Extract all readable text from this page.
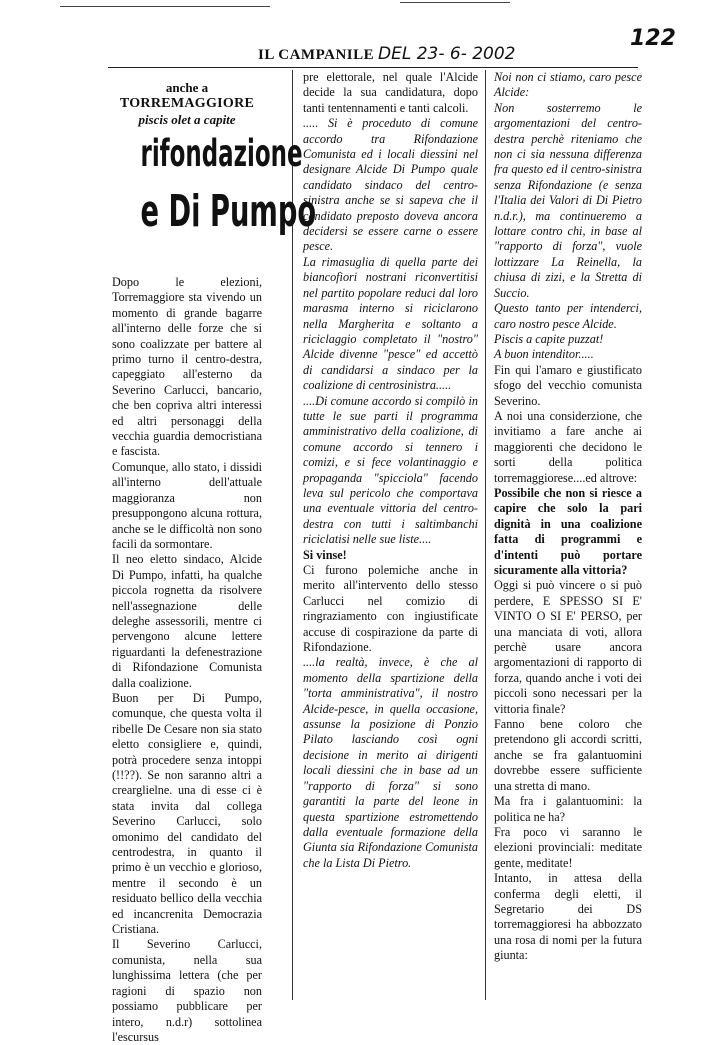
IL CAMPANILE DEL 23- 6- 2002
122
anche a
TORREMAGGIORE
piscis olet a capite
rifondazione
e Di Pumpo

Dopo le elezioni, Torremaggiore sta vivendo un momento di grande bagarre all'interno delle forze che si sono coalizzate per battere al primo turno il centro-destra, capeggiato all'esterno da Severino Carlucci, bancario, che ben copriva altri interessi ed altri personaggi della vecchia guardia democristiana e fascista.

Comunque, allo stato, i dissidi all'interno dell'attuale maggioranza non presuppongono alcuna rottura, anche se le difficoltà non sono facili da sormontare.

Il neo eletto sindaco, Alcide Di Pumpo, infatti, ha qualche piccola rognetta da risolvere nell'assegnazione delle deleghe assessorili, mentre ci pervengono alcune lettere riguardanti la defenestrazione di Rifondazione Comunista dalla coalizione.

Buon per Di Pumpo, comunque, che questa volta il ribelle De Cesare non sia stato eletto consigliere e, quindi, potrà procedere senza intoppi (!!??). Se non saranno altri a crearglielne. una di esse ci è stata invita dal collega Severino Carlucci, solo omonimo del candidato del centrodestra, in quanto il primo è un vecchio e glorioso, mentre il secondo è un residuato bellico della vecchia ed incancrenita Democrazia Cristiana.

Il Severino Carlucci, comunista, nella sua lunghissima lettera (che per ragioni di spazio non possiamo pubblicare per intero, n.d.r) sottolinea l'escursus

pre elettorale, nel quale l'Alcide decide la sua candidatura, dopo tanti tentennamenti e tanti calcoli.

..... Si è proceduto di comune accordo tra Rifondazione Comunista ed i locali diessini nel designare Alcide Di Pumpo quale candidato sindaco del centro-sinistra anche se si sapeva che il candidato preposto doveva ancora decidersi se essere carne o essere pesce.

La rimasuglia di quella parte dei biancofiori nostrani riconvertitisi nel partito popolare reduci dal loro marasma interno si riciclarono nella Margherita e soltanto a riciclaggio completato il "nostro" Alcide divenne "pesce" ed accettò di candidarsi a sindaco per la coalizione di centrosinistra.....

....Di comune accordo si compilò in tutte le sue parti il programma amministrativo della coalizione, di comune accordo si tennero i comizi, e si fece volantinaggio e propaganda "spicciola" facendo leva sul pericolo che comportava una eventuale vittoria del centro-destra con tutti i saltimbanchi riciclatisi nelle sue liste....

Si vinse!

Ci furono polemiche anche in merito all'intervento dello stesso Carlucci nel comizio di ringraziamento con ingiustificate accuse di cospirazione da parte di Rifondazione.

....la realtà, invece, è che al momento della spartizione della "torta amministrativa", il nostro Alcide-pesce, in quella occasione, assunse la posizione di Ponzio Pilato lasciando così ogni decisione in merito ai dirigenti locali diessini che in base ad un "rapporto di forza" si sono garantiti la parte del leone in questa spartizione estromettendo dalla eventuale formazione della Giunta sia Rifondazione Comunista che la Lista Di Pietro.

Noi non ci stiamo, caro pesce Alcide:

Non sosterremo le argomentazioni del centro-destra perchè riteniamo che non ci sia nessuna differenza fra questo ed il centro-sinistra senza Rifondazione (e senza l'Italia dei Valori di Di Pietro n.d.r.), ma continueremo a lottare contro chi, in base al "rapporto di forza", vuole lottizzare La Reinella, la chiusa di zizi, e la Stretta di Succio.

Questo tanto per intenderci, caro nostro pesce Alcide.

Piscis a capite puzzat!

A buon intenditor.....

Fin qui l'amaro e giustificato sfogo del vecchio comunista Severino.

A noi una considerzione, che invitiamo a fare anche ai maggiorenti che decidono le sorti della politica torremaggiorese....ed altrove:

Possibile che non si riesce a capire che solo la pari dignità in una coalizione fatta di programmi e d'intenti può portare sicuramente alla vittoria?

Oggi si può vincere o si può perdere, E SPESSO SI E' VINTO O SI E' PERSO, per una manciata di voti, allora perchè usare ancora argomentazioni di rapporto di forza, quando anche i voti dei piccoli sono necessari per la vittoria finale?

Fanno bene coloro che pretendono gli accordi scritti, anche se fra galantuomini dovrebbe essere sufficiente una stretta di mano.

Ma fra i galantuomini: la politica ne ha?

Fra poco vi saranno le elezioni provinciali: meditate gente, meditate!

Intanto, in attesa della conferma degli eletti, il Segretario dei DS torremaggioresi ha abbozzato una rosa di nomi per la futura giunta:
